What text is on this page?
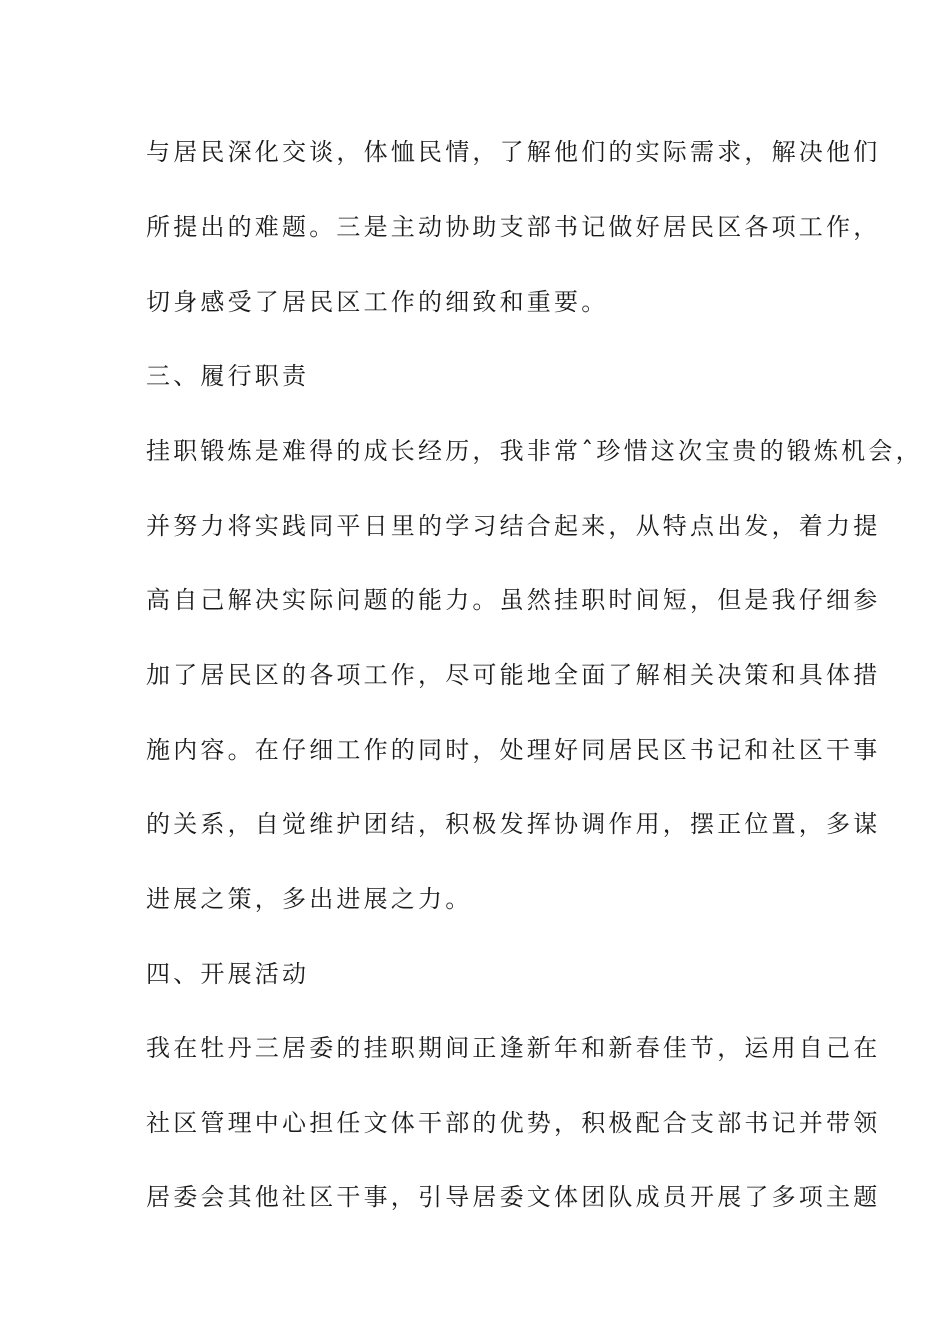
与居民深化交谈，体恤民情，了解他们的实际需求，解决他们
所提出的难题。三是主动协助支部书记做好居民区各项工作，
切身感受了居民区工作的细致和重要。
三、履行职责
挂职锻炼是难得的成长经历，我非常ˆ珍惜这次宝贵的锻炼机会，
并努力将实践同平日里的学习结合起来，从特点出发，着力提
高自己解决实际问题的能力。虽然挂职时间短，但是我仔细参
加了居民区的各项工作，尽可能地全面了解相关决策和具体措
施内容。在仔细工作的同时，处理好同居民区书记和社区干事
的关系，自觉维护团结，积极发挥协调作用，摆正位置，多谋
进展之策，多出进展之力。
四、开展活动
我在牡丹三居委的挂职期间正逢新年和新春佳节，运用自己在
社区管理中心担任文体干部的优势，积极配合支部书记并带领
居委会其他社区干事，引导居委文体团队成员开展了多项主题
